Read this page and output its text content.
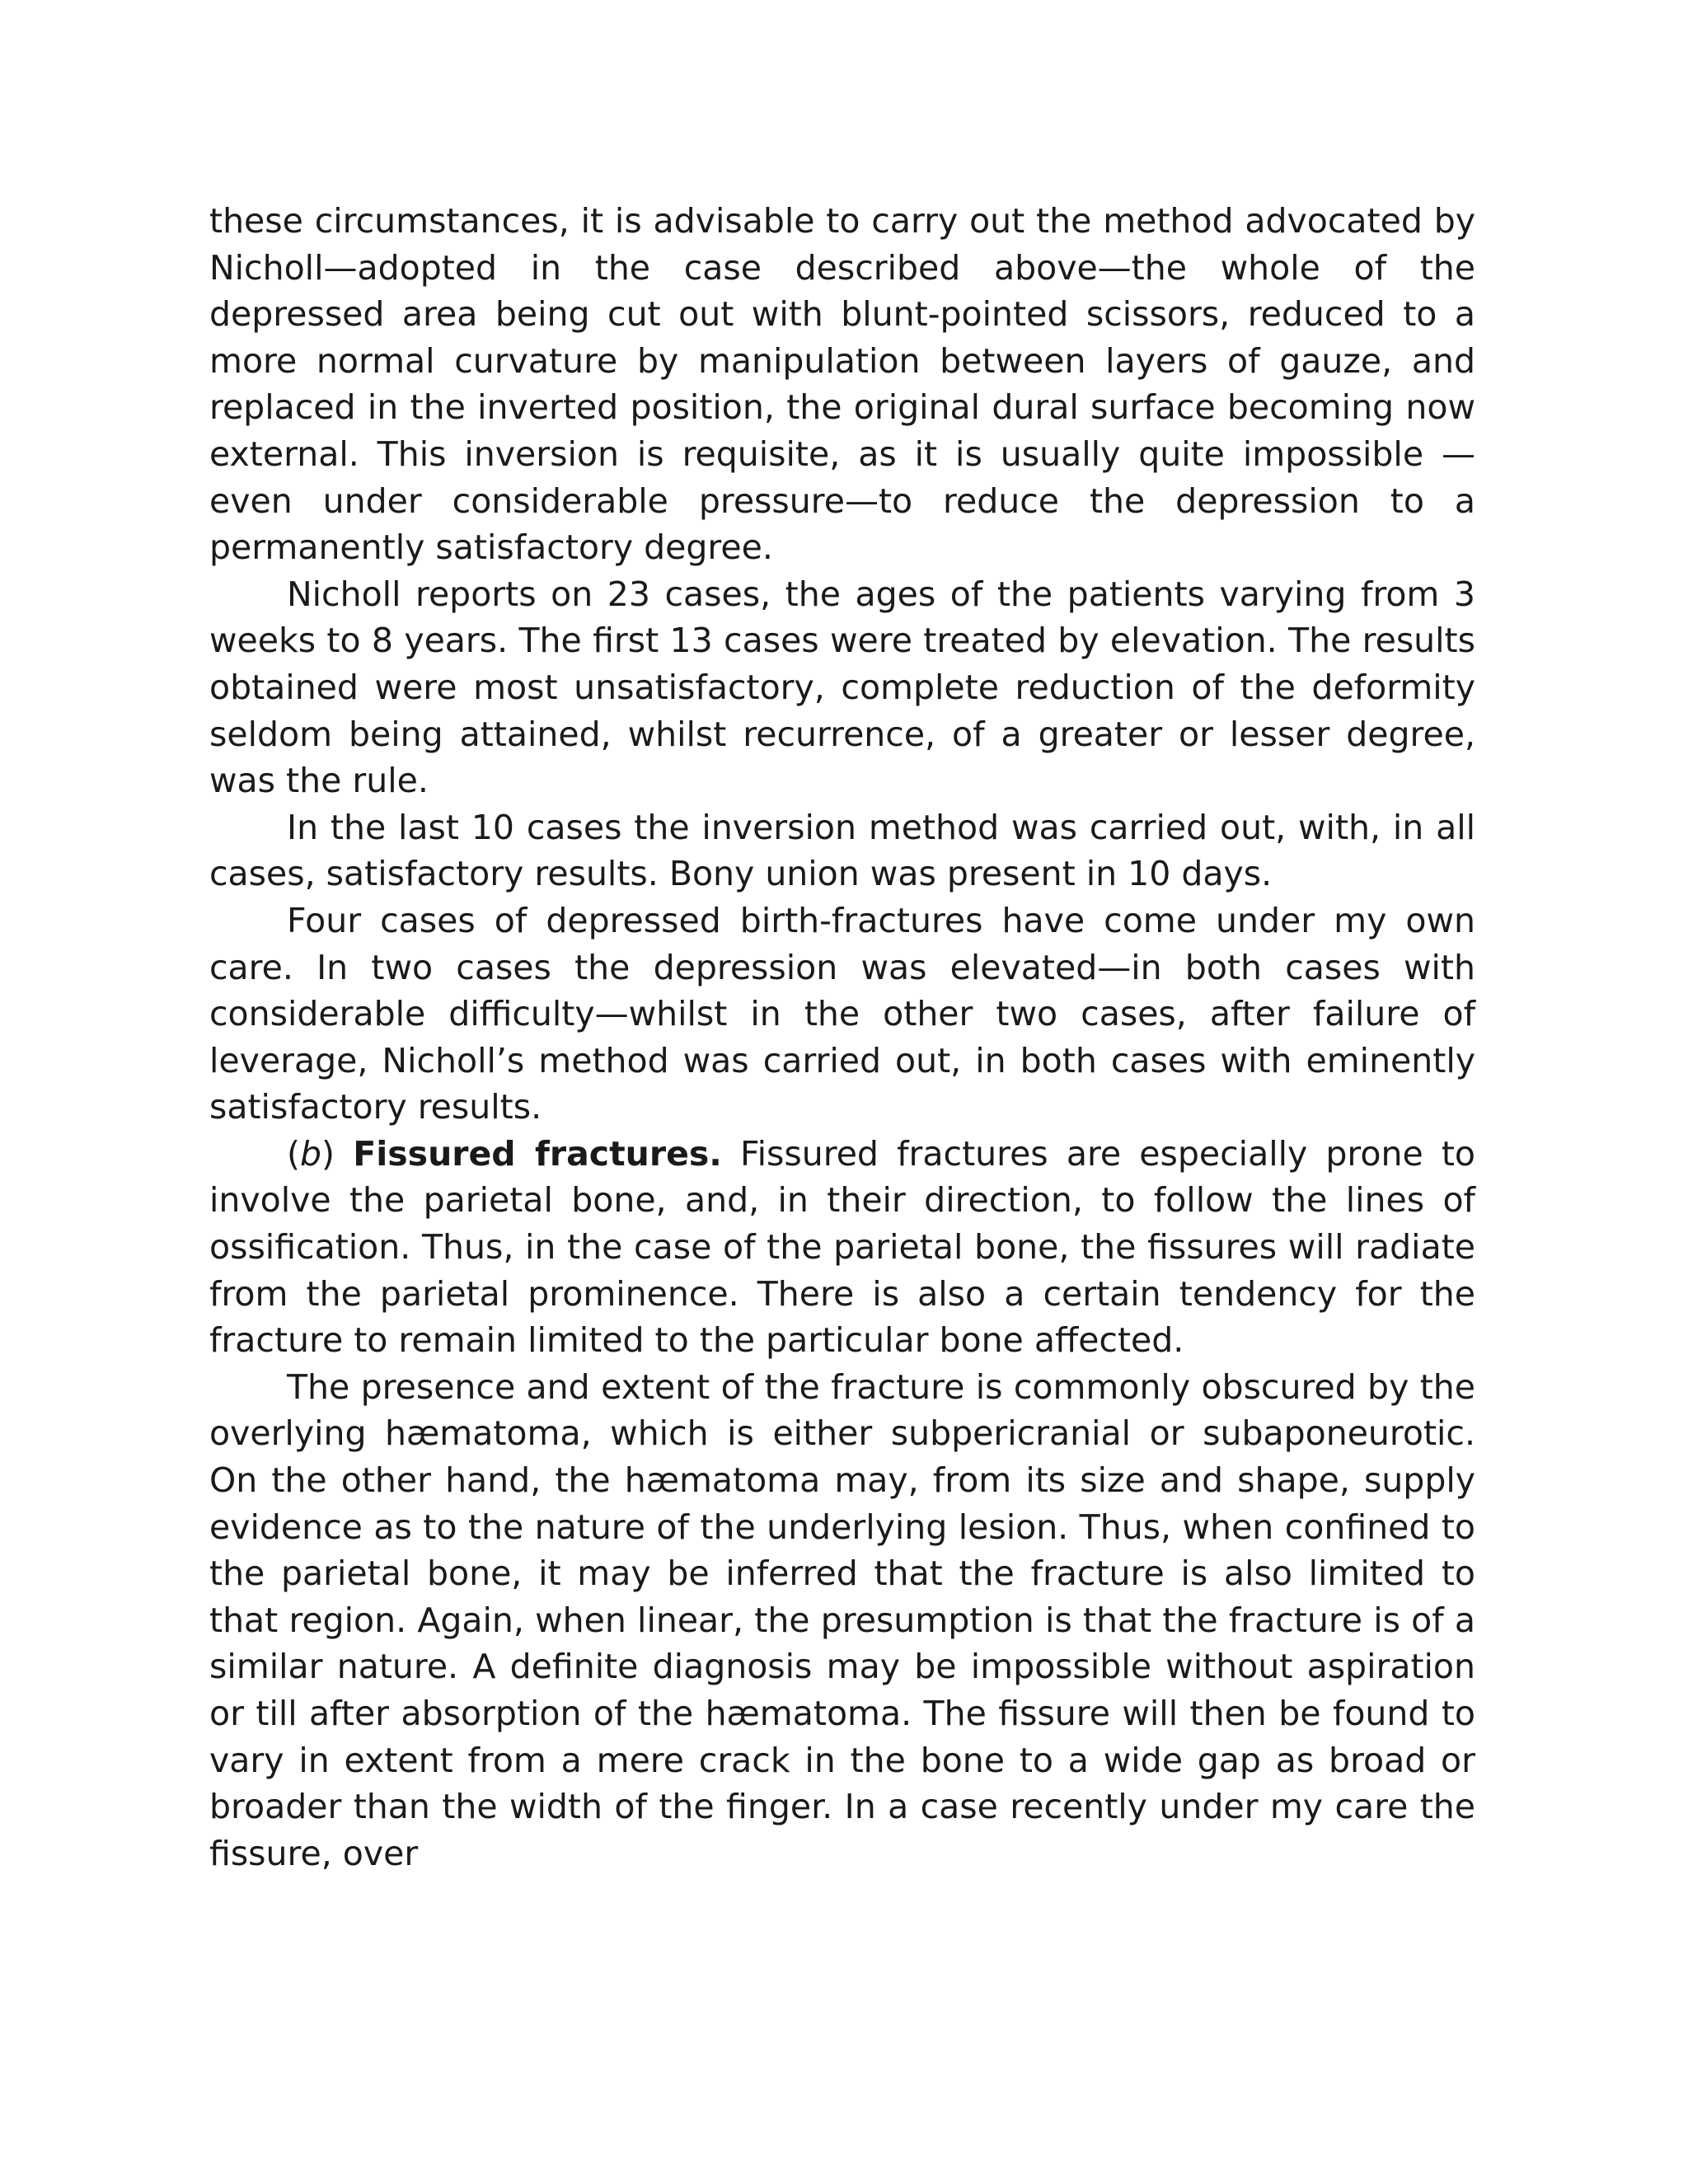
these circumstances, it is advisable to carry out the method advocated by Nicholl—adopted in the case described above—the whole of the depressed area being cut out with blunt-pointed scissors, reduced to a more normal curvature by manipulation between layers of gauze, and replaced in the inverted position, the original dural surface becoming now external. This inversion is requisite, as it is usually quite impossible —even under considerable pressure—to reduce the depression to a permanently satisfactory degree.

Nicholl reports on 23 cases, the ages of the patients varying from 3 weeks to 8 years. The first 13 cases were treated by elevation. The results obtained were most unsatisfactory, complete reduction of the deformity seldom being attained, whilst recurrence, of a greater or lesser degree, was the rule.

In the last 10 cases the inversion method was carried out, with, in all cases, satisfactory results. Bony union was present in 10 days.

Four cases of depressed birth-fractures have come under my own care. In two cases the depression was elevated—in both cases with considerable difficulty—whilst in the other two cases, after failure of leverage, Nicholl’s method was carried out, in both cases with eminently satisfactory results.

(b) Fissured fractures. Fissured fractures are especially prone to involve the parietal bone, and, in their direction, to follow the lines of ossification. Thus, in the case of the parietal bone, the fissures will radiate from the parietal prominence. There is also a certain tendency for the fracture to remain limited to the particular bone affected.

The presence and extent of the fracture is commonly obscured by the overlying hæmatoma, which is either subpericranial or subaponeurotic. On the other hand, the hæmatoma may, from its size and shape, supply evidence as to the nature of the underlying lesion. Thus, when confined to the parietal bone, it may be inferred that the fracture is also limited to that region. Again, when linear, the presumption is that the fracture is of a similar nature. A definite diagnosis may be impossible without aspiration or till after absorption of the hæmatoma. The fissure will then be found to vary in extent from a mere crack in the bone to a wide gap as broad or broader than the width of the finger. In a case recently under my care the fissure, over
